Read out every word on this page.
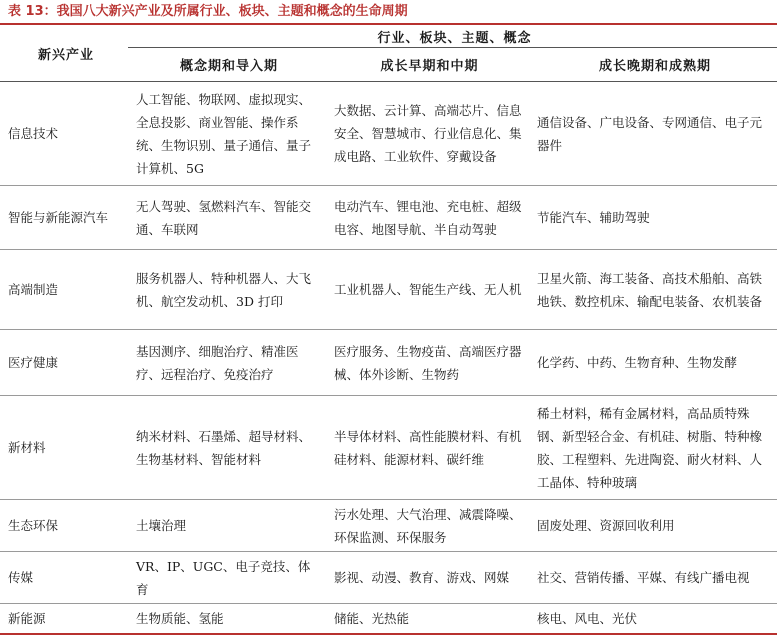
表 13：我国八大新兴产业及所属行业、板块、主题和概念的生命周期
新兴产业	行业、板块、主题、概念		
	概念期和导入期	成长早期和中期	成长晚期和成熟期
信息技术	人工智能、物联网、虚拟现实、全息投影、商业智能、操作系统、生物识别、量子通信、量子计算机、5G	大数据、云计算、高端芯片、信息安全、智慧城市、行业信息化、集成电路、工业软件、穿戴设备	通信设备、广电设备、专网通信、电子元器件
智能与新能源汽车	无人驾驶、氢燃料汽车、智能交通、车联网	电动汽车、锂电池、充电桩、超级电容、地图导航、半自动驾驶	节能汽车、辅助驾驶
高端制造	服务机器人、特种机器人、大飞机、航空发动机、3D 打印	工业机器人、智能生产线、无人机	卫星火箭、海工装备、高技术船舶、高铁地铁、数控机床、输配电装备、农机装备
医疗健康	基因测序、细胞治疗、精准医疗、远程治疗、免疫治疗	医疗服务、生物疫苗、高端医疗器械、体外诊断、生物药	化学药、中药、生物育种、生物发酵
新材料	纳米材料、石墨烯、超导材料、生物基材料、智能材料	半导体材料、高性能膜材料、有机硅材料、能源材料、碳纤维	稀土材料，稀有金属材料，高品质特殊钢、新型轻合金、有机硅、树脂、特种橡胶、工程塑料、先进陶瓷、耐火材料、人工晶体、特种玻璃
生态环保	土壤治理	污水处理、大气治理、减震降噪、环保监测、环保服务	固废处理、资源回收利用
传媒	VR、IP、UGC、电子竞技、体育	影视、动漫、教育、游戏、网媒	社交、营销传播、平媒、有线广播电视
新能源	生物质能、氢能	储能、光热能	核电、风电、光伏
